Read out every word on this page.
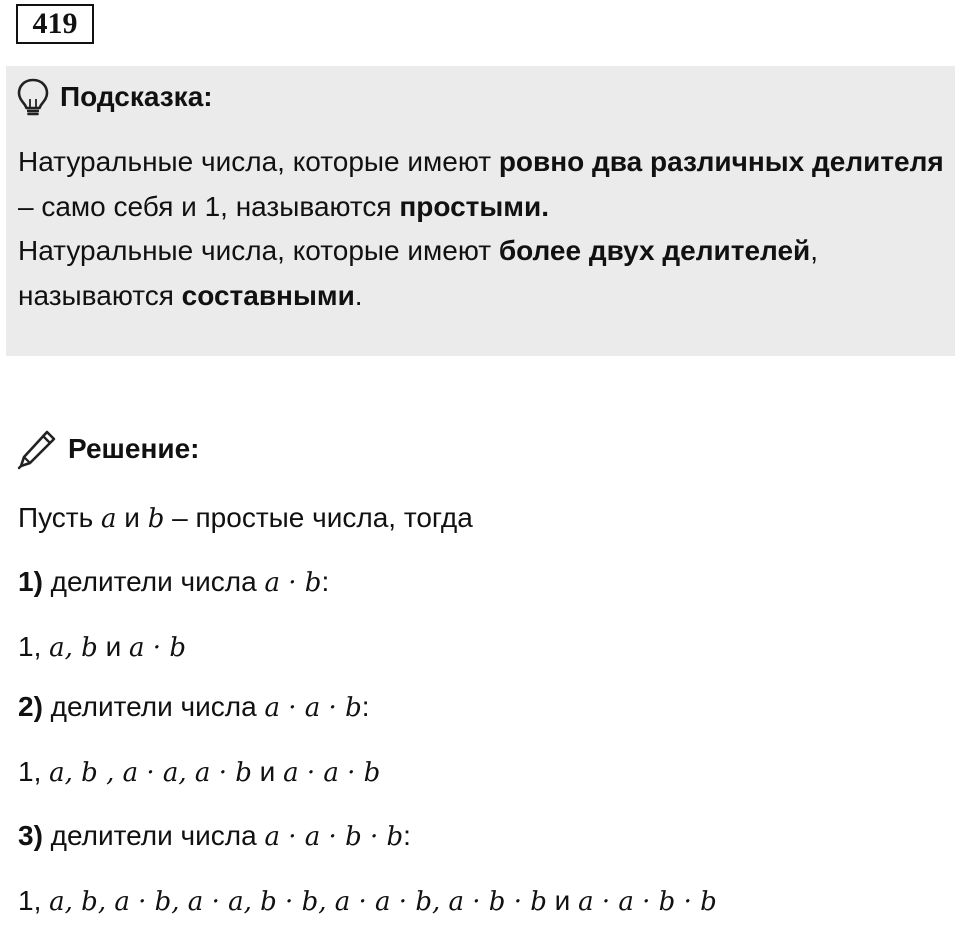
419
Подсказка:

Натуральные числа, которые имеют ровно два различных делителя – само себя и 1, называются простыми.
Натуральные числа, которые имеют более двух делителей, называются составными.

Решение:
Пусть a и b – простые числа, тогда
1) делители числа a · b:
1, a, b и a · b
2) делители числа a · a · b:
1, a, b , a · a, a · b и a · a · b
3) делители числа a · a · b · b:
1, a, b, a · b, a · a, b · b, a · a · b, a · b · b и a · a · b · b
